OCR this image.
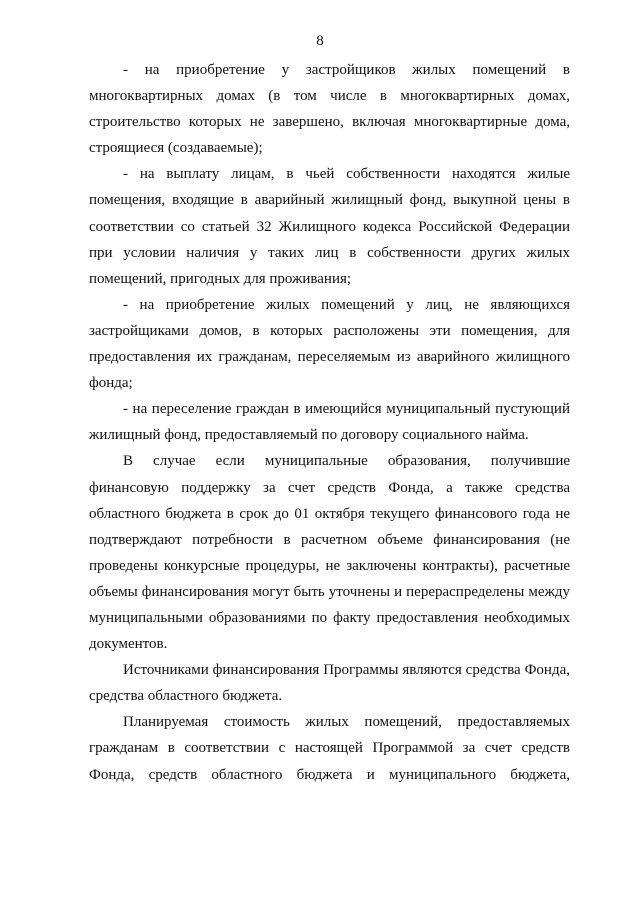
8

- на приобретение у застройщиков жилых помещений в многоквартирных домах (в том числе в многоквартирных домах, строительство которых не завершено, включая многоквартирные дома, строящиеся (создаваемые);

- на выплату лицам, в чьей собственности находятся жилые помещения, входящие в аварийный жилищный фонд, выкупной цены в соответствии со статьей 32 Жилищного кодекса Российской Федерации при условии наличия у таких лиц в собственности других жилых помещений, пригодных для проживания;

- на приобретение жилых помещений у лиц, не являющихся застройщиками домов, в которых расположены эти помещения, для предоставления их гражданам, переселяемым из аварийного жилищного фонда;

- на переселение граждан в имеющийся муниципальный пустующий жилищный фонд, предоставляемый по договору социального найма.

В случае если муниципальные образования, получившие финансовую поддержку за счет средств Фонда, а также средства областного бюджета в срок до 01 октября текущего финансового года не подтверждают потребности в расчетном объеме финансирования (не проведены конкурсные процедуры, не заключены контракты), расчетные объемы финансирования могут быть уточнены и перераспределены между муниципальными образованиями по факту предоставления необходимых документов.

Источниками финансирования Программы являются средства Фонда, средства областного бюджета.

Планируемая стоимость жилых помещений, предоставляемых гражданам в соответствии с настоящей Программой за счет средств Фонда, средств областного бюджета и муниципального бюджета,
